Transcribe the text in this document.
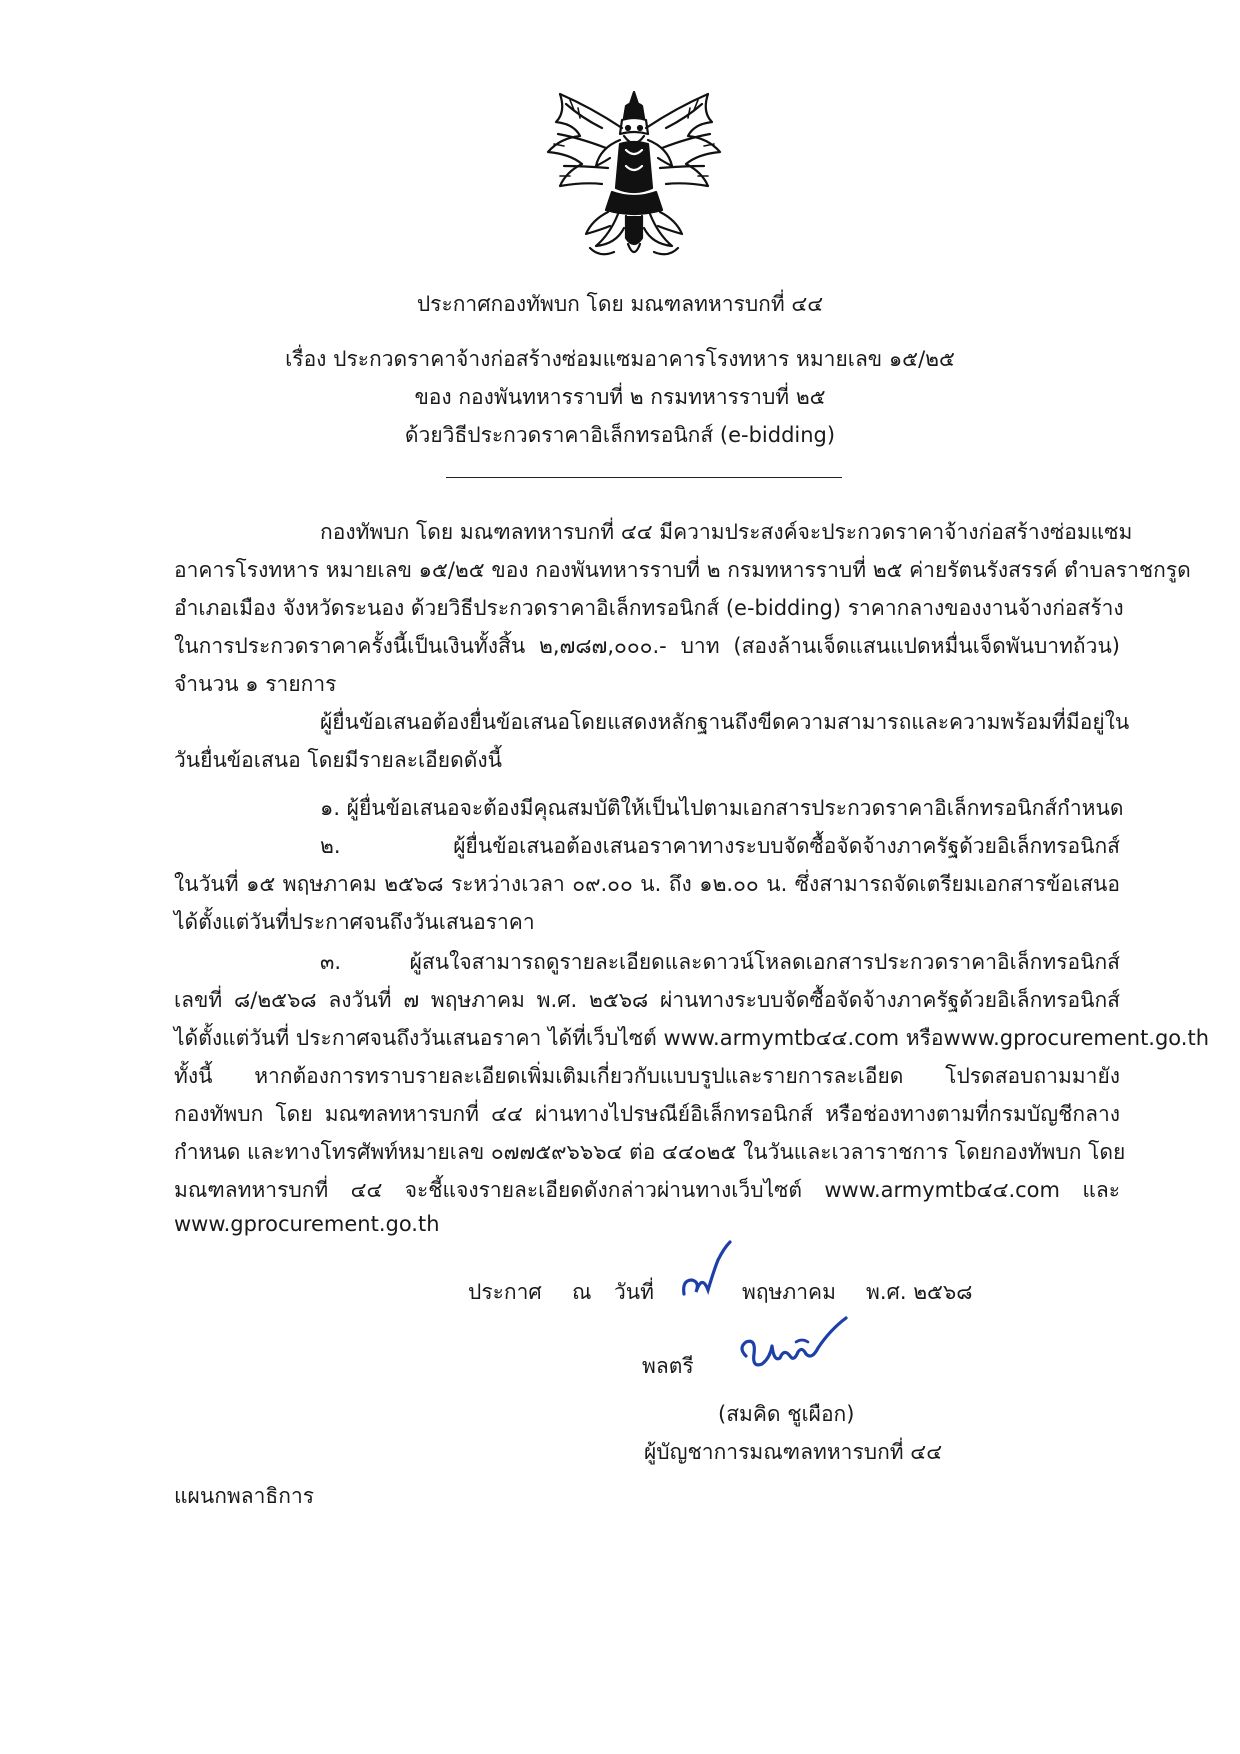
ประกาศกองทัพบก โดย มณฑลทหารบกที่ ๔๔
เรื่อง ประกวดราคาจ้างก่อสร้างซ่อมแซมอาคารโรงทหาร หมายเลข ๑๕/๒๕
ของ กองพันทหารราบที่ ๒ กรมทหารราบที่ ๒๕
ด้วยวิธีประกวดราคาอิเล็กทรอนิกส์ (e-bidding)
กองทัพบก โดย มณฑลทหารบกที่ ๔๔ มีความประสงค์จะประกวดราคาจ้างก่อสร้างซ่อมแซม
อาคารโรงทหาร หมายเลข ๑๕/๒๕ ของ กองพันทหารราบที่ ๒ กรมทหารราบที่ ๒๕ ค่ายรัตนรังสรรค์ ตำบลราชกรูด
อำเภอเมือง จังหวัดระนอง ด้วยวิธีประกวดราคาอิเล็กทรอนิกส์ (e-bidding) ราคากลางของงานจ้างก่อสร้าง
ในการประกวดราคาครั้งนี้เป็นเงินทั้งสิ้น ๒,๗๘๗,๐๐๐.- บาท (สองล้านเจ็ดแสนแปดหมื่นเจ็ดพันบาทถ้วน)
จำนวน ๑ รายการ
ผู้ยื่นข้อเสนอต้องยื่นข้อเสนอโดยแสดงหลักฐานถึงขีดความสามารถและความพร้อมที่มีอยู่ใน
วันยื่นข้อเสนอ โดยมีรายละเอียดดังนี้
๑. ผู้ยื่นข้อเสนอจะต้องมีคุณสมบัติให้เป็นไปตามเอกสารประกวดราคาอิเล็กทรอนิกส์กำหนด
๒. ผู้ยื่นข้อเสนอต้องเสนอราคาทางระบบจัดซื้อจัดจ้างภาครัฐด้วยอิเล็กทรอนิกส์
ในวันที่ ๑๕ พฤษภาคม ๒๕๖๘ ระหว่างเวลา ๐๙.๐๐ น. ถึง ๑๒.๐๐ น. ซึ่งสามารถจัดเตรียมเอกสารข้อเสนอ
ได้ตั้งแต่วันที่ประกาศจนถึงวันเสนอราคา
๓. ผู้สนใจสามารถดูรายละเอียดและดาวน์โหลดเอกสารประกวดราคาอิเล็กทรอนิกส์
เลขที่ ๘/๒๕๖๘ ลงวันที่ ๗ พฤษภาคม พ.ศ. ๒๕๖๘ ผ่านทางระบบจัดซื้อจัดจ้างภาครัฐด้วยอิเล็กทรอนิกส์
ได้ตั้งแต่วันที่ ประกาศจนถึงวันเสนอราคา ได้ที่เว็บไซต์ www.armymtb๔๔.com หรือwww.gprocurement.go.th
ทั้งนี้ หากต้องการทราบรายละเอียดเพิ่มเติมเกี่ยวกับแบบรูปและรายการละเอียด โปรดสอบถามมายัง
กองทัพบก โดย มณฑลทหารบกที่ ๔๔ ผ่านทางไปรษณีย์อิเล็กทรอนิกส์ หรือช่องทางตามที่กรมบัญชีกลาง
กำหนด และทางโทรศัพท์หมายเลข ๐๗๗๕๙๖๖๖๔ ต่อ ๔๔๐๒๕ ในวันและเวลาราชการ โดยกองทัพบก โดย
มณฑลทหารบกที่ ๔๔ จะชี้แจงรายละเอียดดังกล่าวผ่านทางเว็บไซต์ www.armymtb๔๔.com และ
www.gprocurement.go.th
ประกาศ ณ วันที่	พฤษภาคม พ.ศ. ๒๕๖๘
พลตรี
(สมคิด ชูเผือก)
ผู้บัญชาการมณฑลทหารบกที่ ๔๔
แผนกพลาธิการ
